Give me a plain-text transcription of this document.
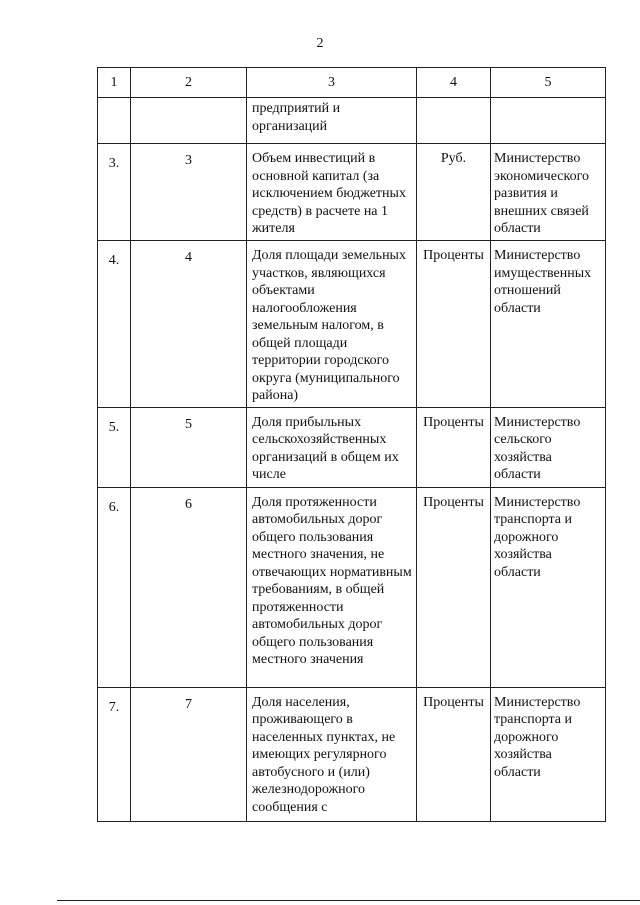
2
1	2	3	4	5
		предприятий и организаций		
3.	3	Объем инвестиций в основной капитал (за исключением бюджетных средств) в расчете на 1 жителя	Руб.	Министерство экономического развития и внешних связей области
4.	4	Доля площади земельных участков, являющихся объектами налогообложения земельным налогом, в общей площади территории городского округа (муниципального района)	Проценты	Министерство имущественных отношений области
5.	5	Доля прибыльных сельскохозяйственных организаций в общем их числе	Проценты	Министерство сельского хозяйства области
6.	6	Доля протяженности автомобильных дорог общего пользования местного значения, не отвечающих нормативным требованиям, в общей протяженности автомобильных дорог общего пользования местного значения	Проценты	Министерство транспорта и дорожного хозяйства области
7.	7	Доля населения, проживающего в населенных пунктах, не имеющих регулярного автобусного и (или) железнодорожного сообщения с	Проценты	Министерство транспорта и дорожного хозяйства области
